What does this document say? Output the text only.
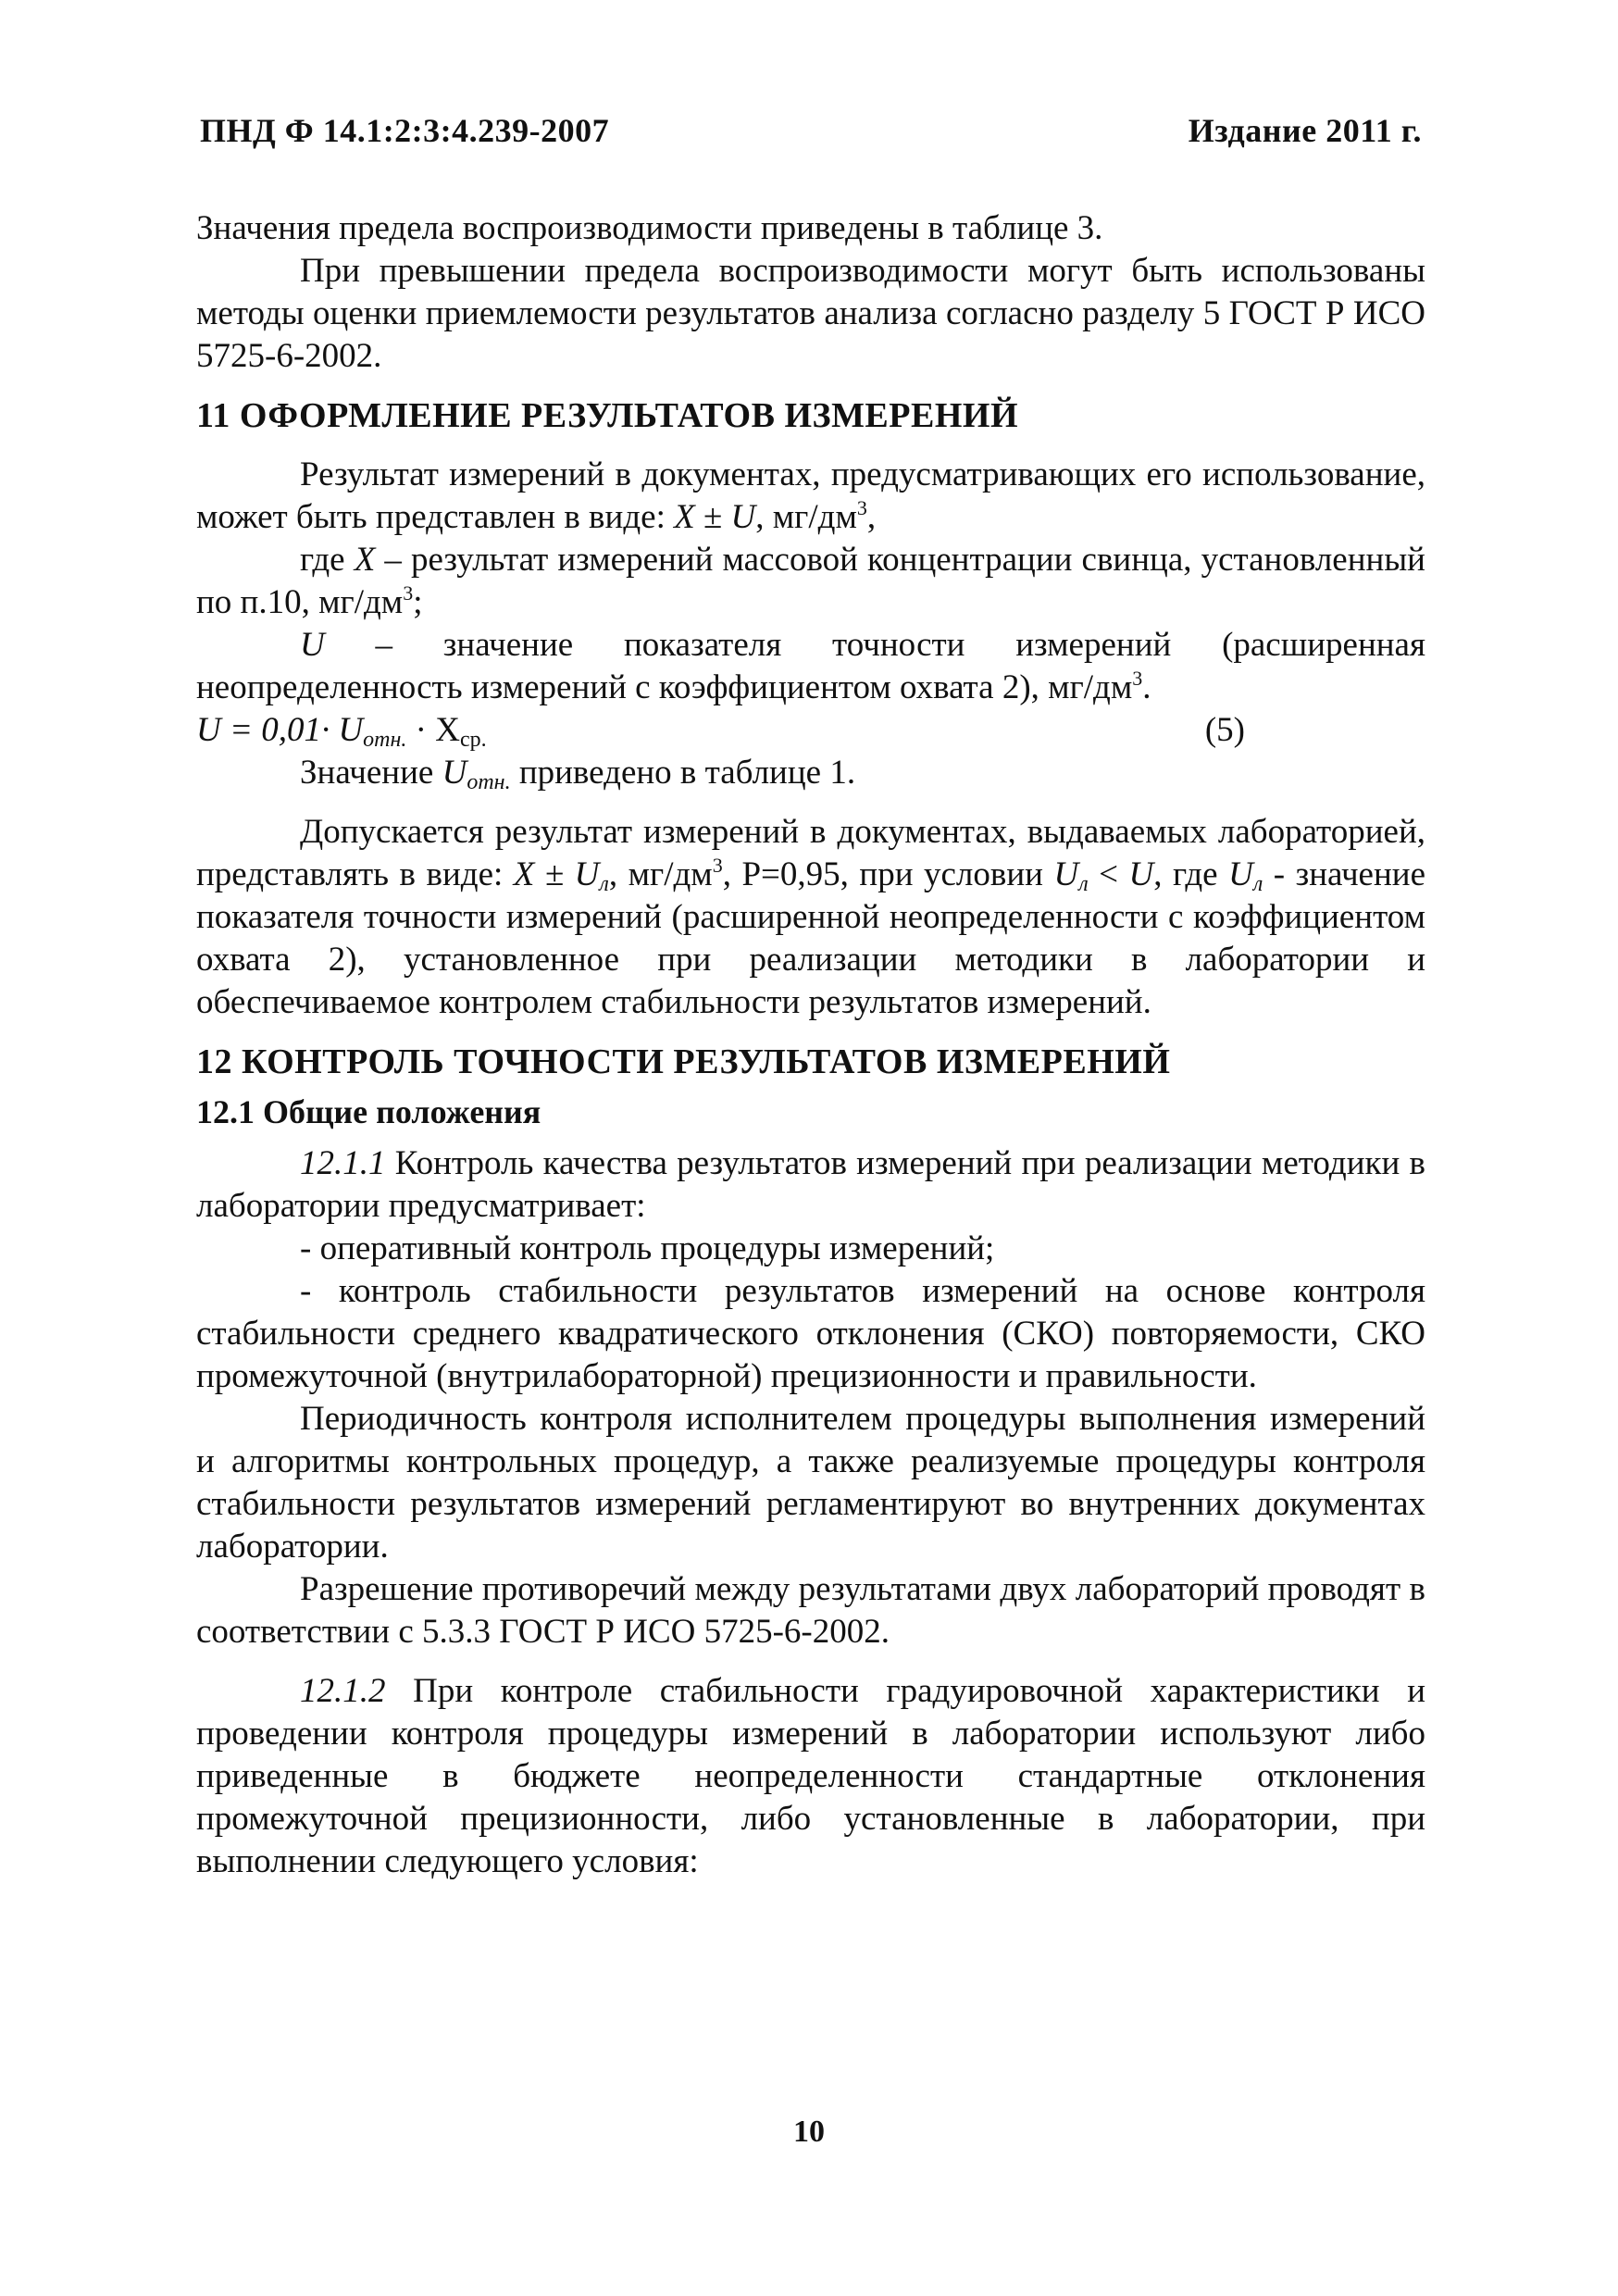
ПНД Ф 14.1:2:3:4.239-2007	Издание 2011 г.

Значения предела воспроизводимости приведены в таблице 3.

При превышении предела воспроизводимости могут быть использованы методы оценки приемлемости результатов анализа согласно разделу 5 ГОСТ Р ИСО 5725-6-2002.

11 ОФОРМЛЕНИЕ РЕЗУЛЬТАТОВ ИЗМЕРЕНИЙ

Результат измерений в документах, предусматривающих его использование, может быть представлен в виде: X ± U, $мг/дм^3$,

где X – результат измерений массовой концентрации свинца, установленный по п.10, $мг/дм^3$;

U – значение показателя точности измерений (расширенная неопределенность измерений с коэффициентом охвата 2), $мг/дм^3$.

$U = 0,01\cdot U_{отн.} \cdot X_{ср.}$	(5)

Значение $U_{отн.}$ приведено в таблице 1.

Допускается результат измерений в документах, выдаваемых лабораторией, представлять в виде: $X \pm U_л$, $мг/дм^3$, P=0,95, при условии $U_л < U$, где $U_л$ - значение показателя точности измерений (расширенной неопределенности с коэффициентом охвата 2), установленное при реализации методики в лаборатории и обеспечиваемое контролем стабильности результатов измерений.

12 КОНТРОЛЬ ТОЧНОСТИ РЕЗУЛЬТАТОВ ИЗМЕРЕНИЙ

12.1 Общие положения

12.1.1 Контроль качества результатов измерений при реализации методики в лаборатории предусматривает:

- оперативный контроль процедуры измерений;

- контроль стабильности результатов измерений на основе контроля стабильности среднего квадратического отклонения (СКО) повторяемости, СКО промежуточной (внутрилабораторной) прецизионности и правильности.

Периодичность контроля исполнителем процедуры выполнения измерений и алгоритмы контрольных процедур, а также реализуемые процедуры контроля стабильности результатов измерений регламентируют во внутренних документах лаборатории.

Разрешение противоречий между результатами двух лабораторий проводят в соответствии с 5.3.3 ГОСТ Р ИСО 5725-6-2002.

12.1.2 При контроле стабильности градуировочной характеристики и проведении контроля процедуры измерений в лаборатории используют либо приведенные в бюджете неопределенности стандартные отклонения промежуточной прецизионности, либо установленные в лаборатории, при выполнении следующего условия:

10
